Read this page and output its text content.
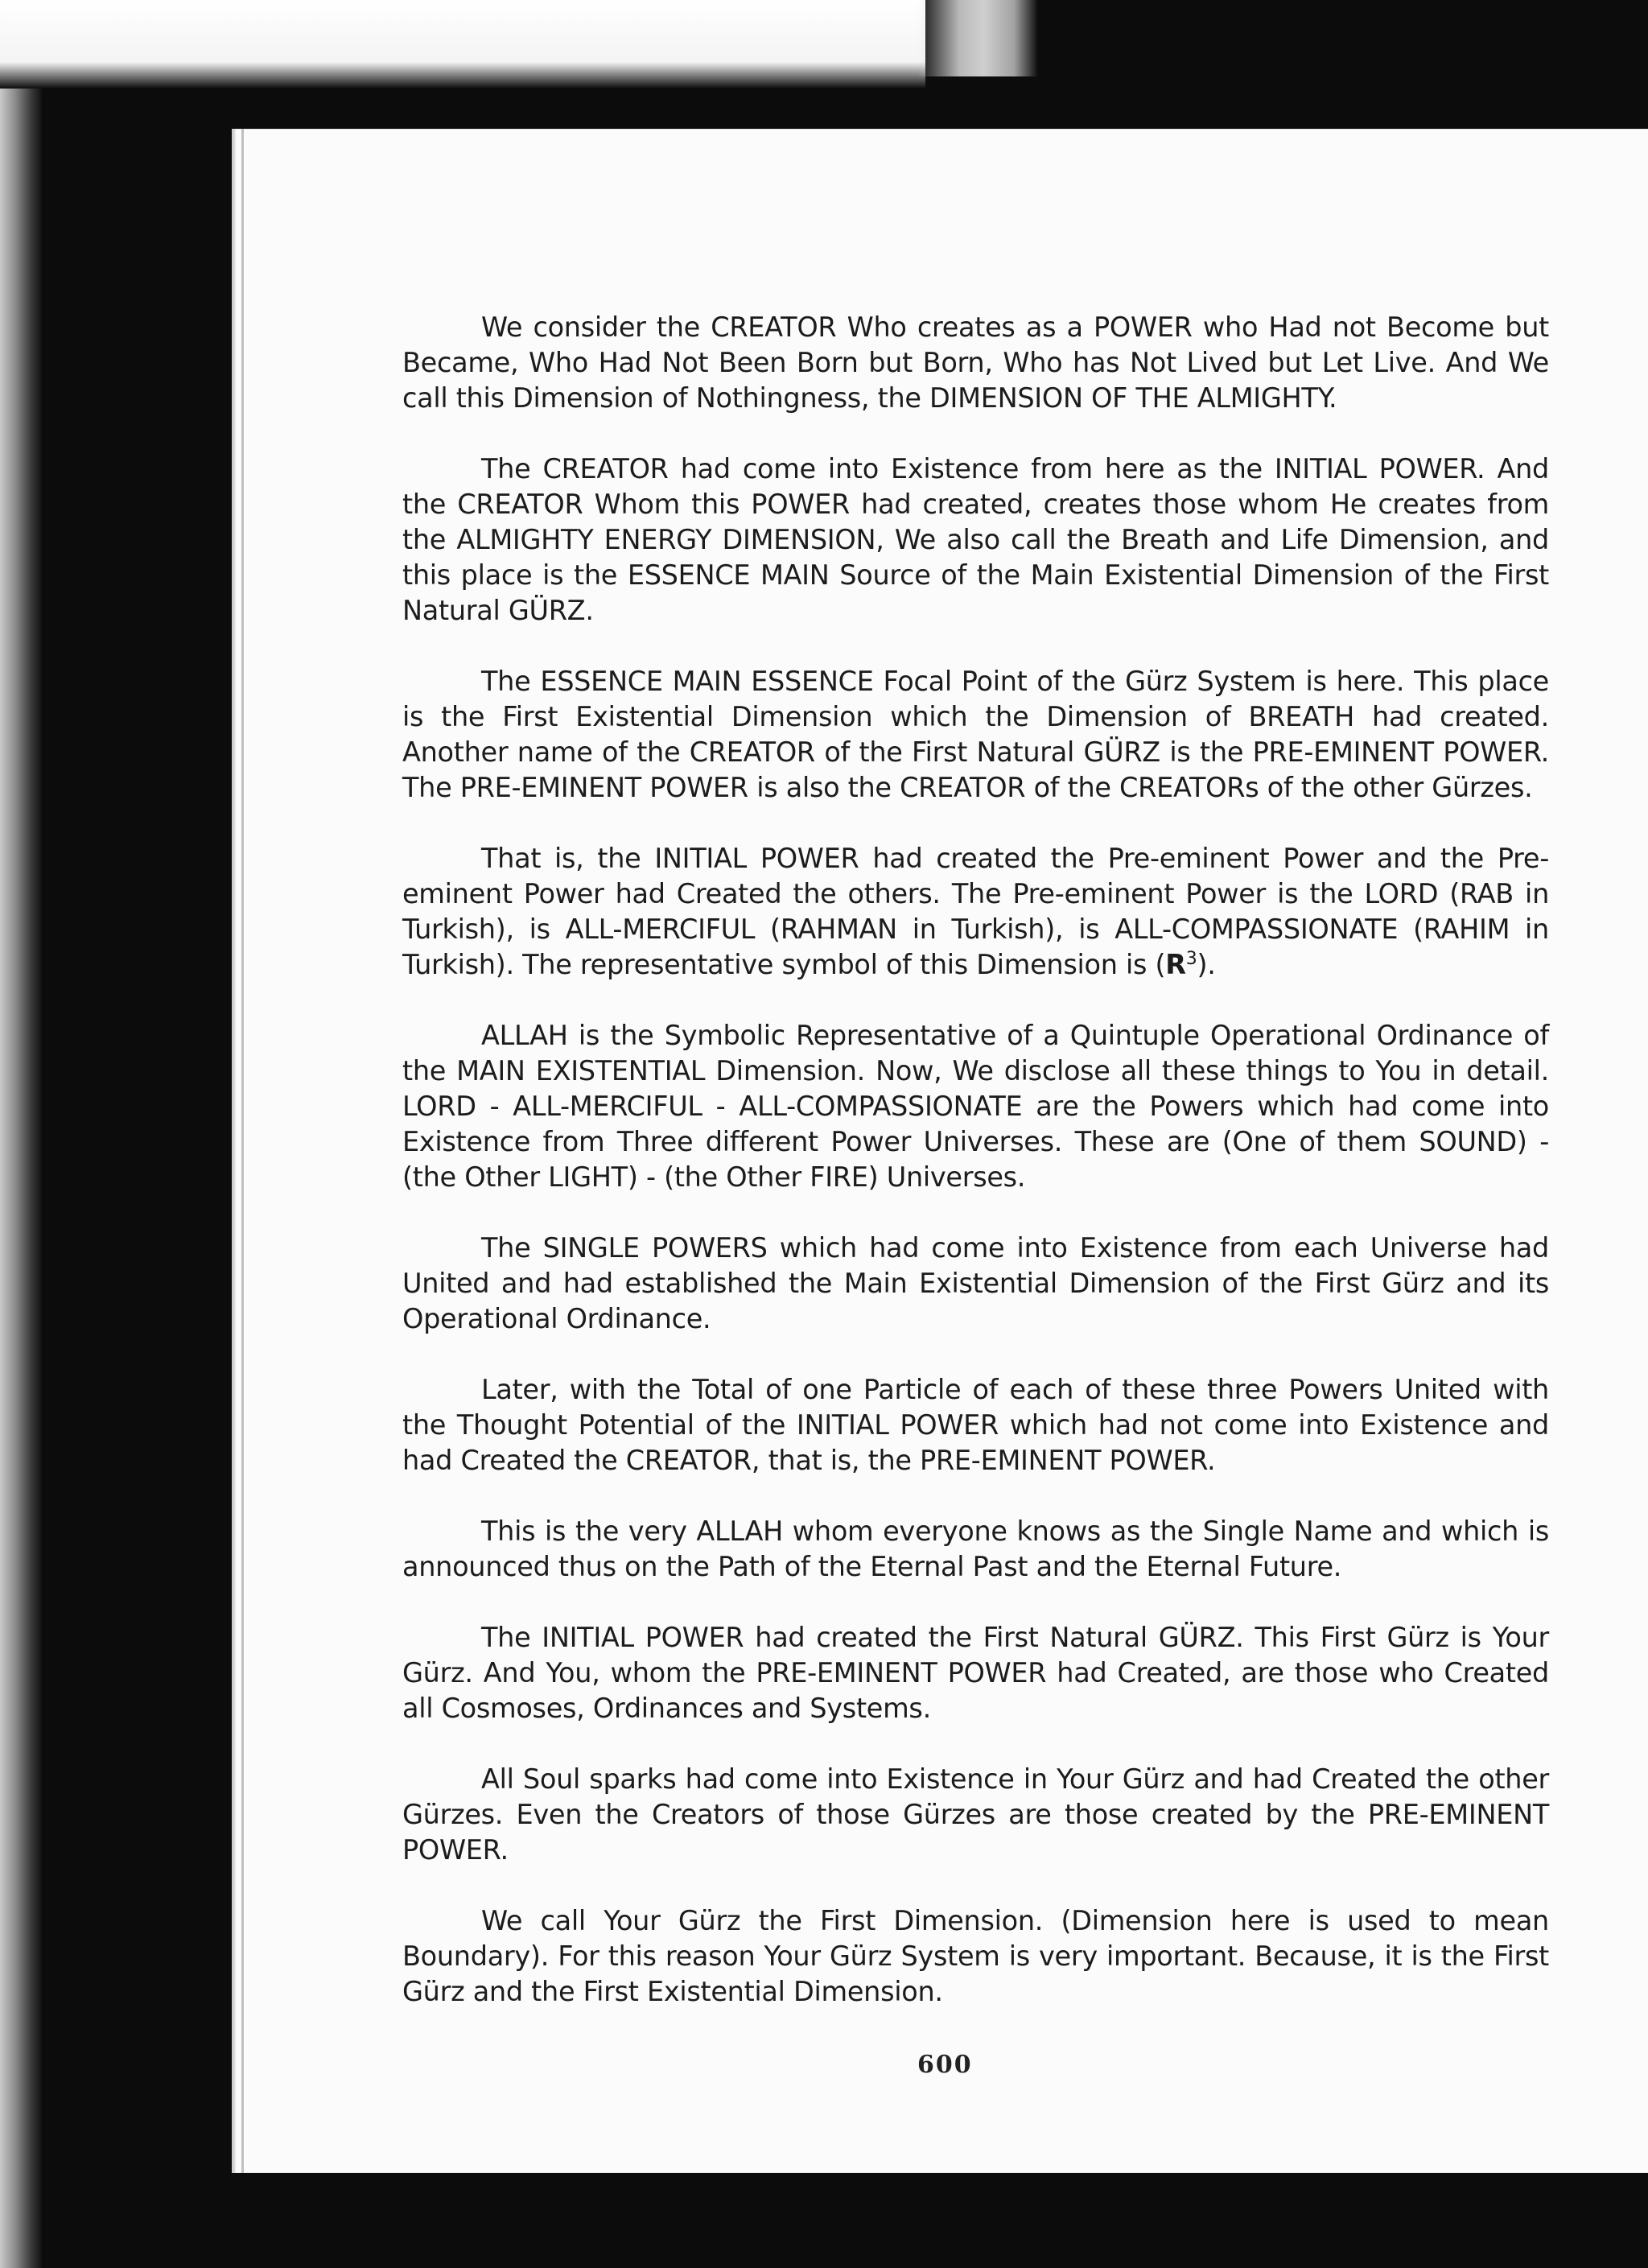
We consider the CREATOR Who creates as a POWER who Had not Become but Became, Who Had Not Been Born but Born, Who has Not Lived but Let Live. And We call this Dimension of Nothingness, the DIMENSION OF THE ALMIGHTY.

The CREATOR had come into Existence from here as the INITIAL POWER. And the CREATOR Whom this POWER had created, creates those whom He creates from the ALMIGHTY ENERGY DIMENSION, We also call the Breath and Life Dimension, and this place is the ESSENCE MAIN Source of the Main Existential Dimension of the First Natural GÜRZ.

The ESSENCE MAIN ESSENCE Focal Point of the Gürz System is here. This place is the First Existential Dimension which the Dimension of BREATH had created. Another name of the CREATOR of the First Natural GÜRZ is the PRE-EMINENT POWER. The PRE-EMINENT POWER is also the CREATOR of the CREATORs of the other Gürzes.

That is, the INITIAL POWER had created the Pre-eminent Power and the Pre-eminent Power had Created the others. The Pre-eminent Power is the LORD (RAB in Turkish), is ALL-MERCIFUL (RAHMAN in Turkish), is ALL-COMPASSIONATE (RAHIM in Turkish). The representative symbol of this Dimension is $(R^3)$.

ALLAH is the Symbolic Representative of a Quintuple Operational Ordinance of the MAIN EXISTENTIAL Dimension. Now, We disclose all these things to You in detail. LORD - ALL-MERCIFUL - ALL-COMPASSIONATE are the Powers which had come into Existence from Three different Power Universes. These are (One of them SOUND) - (the Other LIGHT) - (the Other FIRE) Universes.

The SINGLE POWERS which had come into Existence from each Universe had United and had established the Main Existential Dimension of the First Gürz and its Operational Ordinance.

Later, with the Total of one Particle of each of these three Powers United with the Thought Potential of the INITIAL POWER which had not come into Existence and had Created the CREATOR, that is, the PRE-EMINENT POWER.

This is the very ALLAH whom everyone knows as the Single Name and which is announced thus on the Path of the Eternal Past and the Eternal Future.

The INITIAL POWER had created the First Natural GÜRZ. This First Gürz is Your Gürz. And You, whom the PRE-EMINENT POWER had Created, are those who Created all Cosmoses, Ordinances and Systems.

All Soul sparks had come into Existence in Your Gürz and had Created the other Gürzes. Even the Creators of those Gürzes are those created by the PRE-EMINENT POWER.

We call Your Gürz the First Dimension. (Dimension here is used to mean Boundary). For this reason Your Gürz System is very important. Because, it is the First Gürz and the First Existential Dimension.

600
